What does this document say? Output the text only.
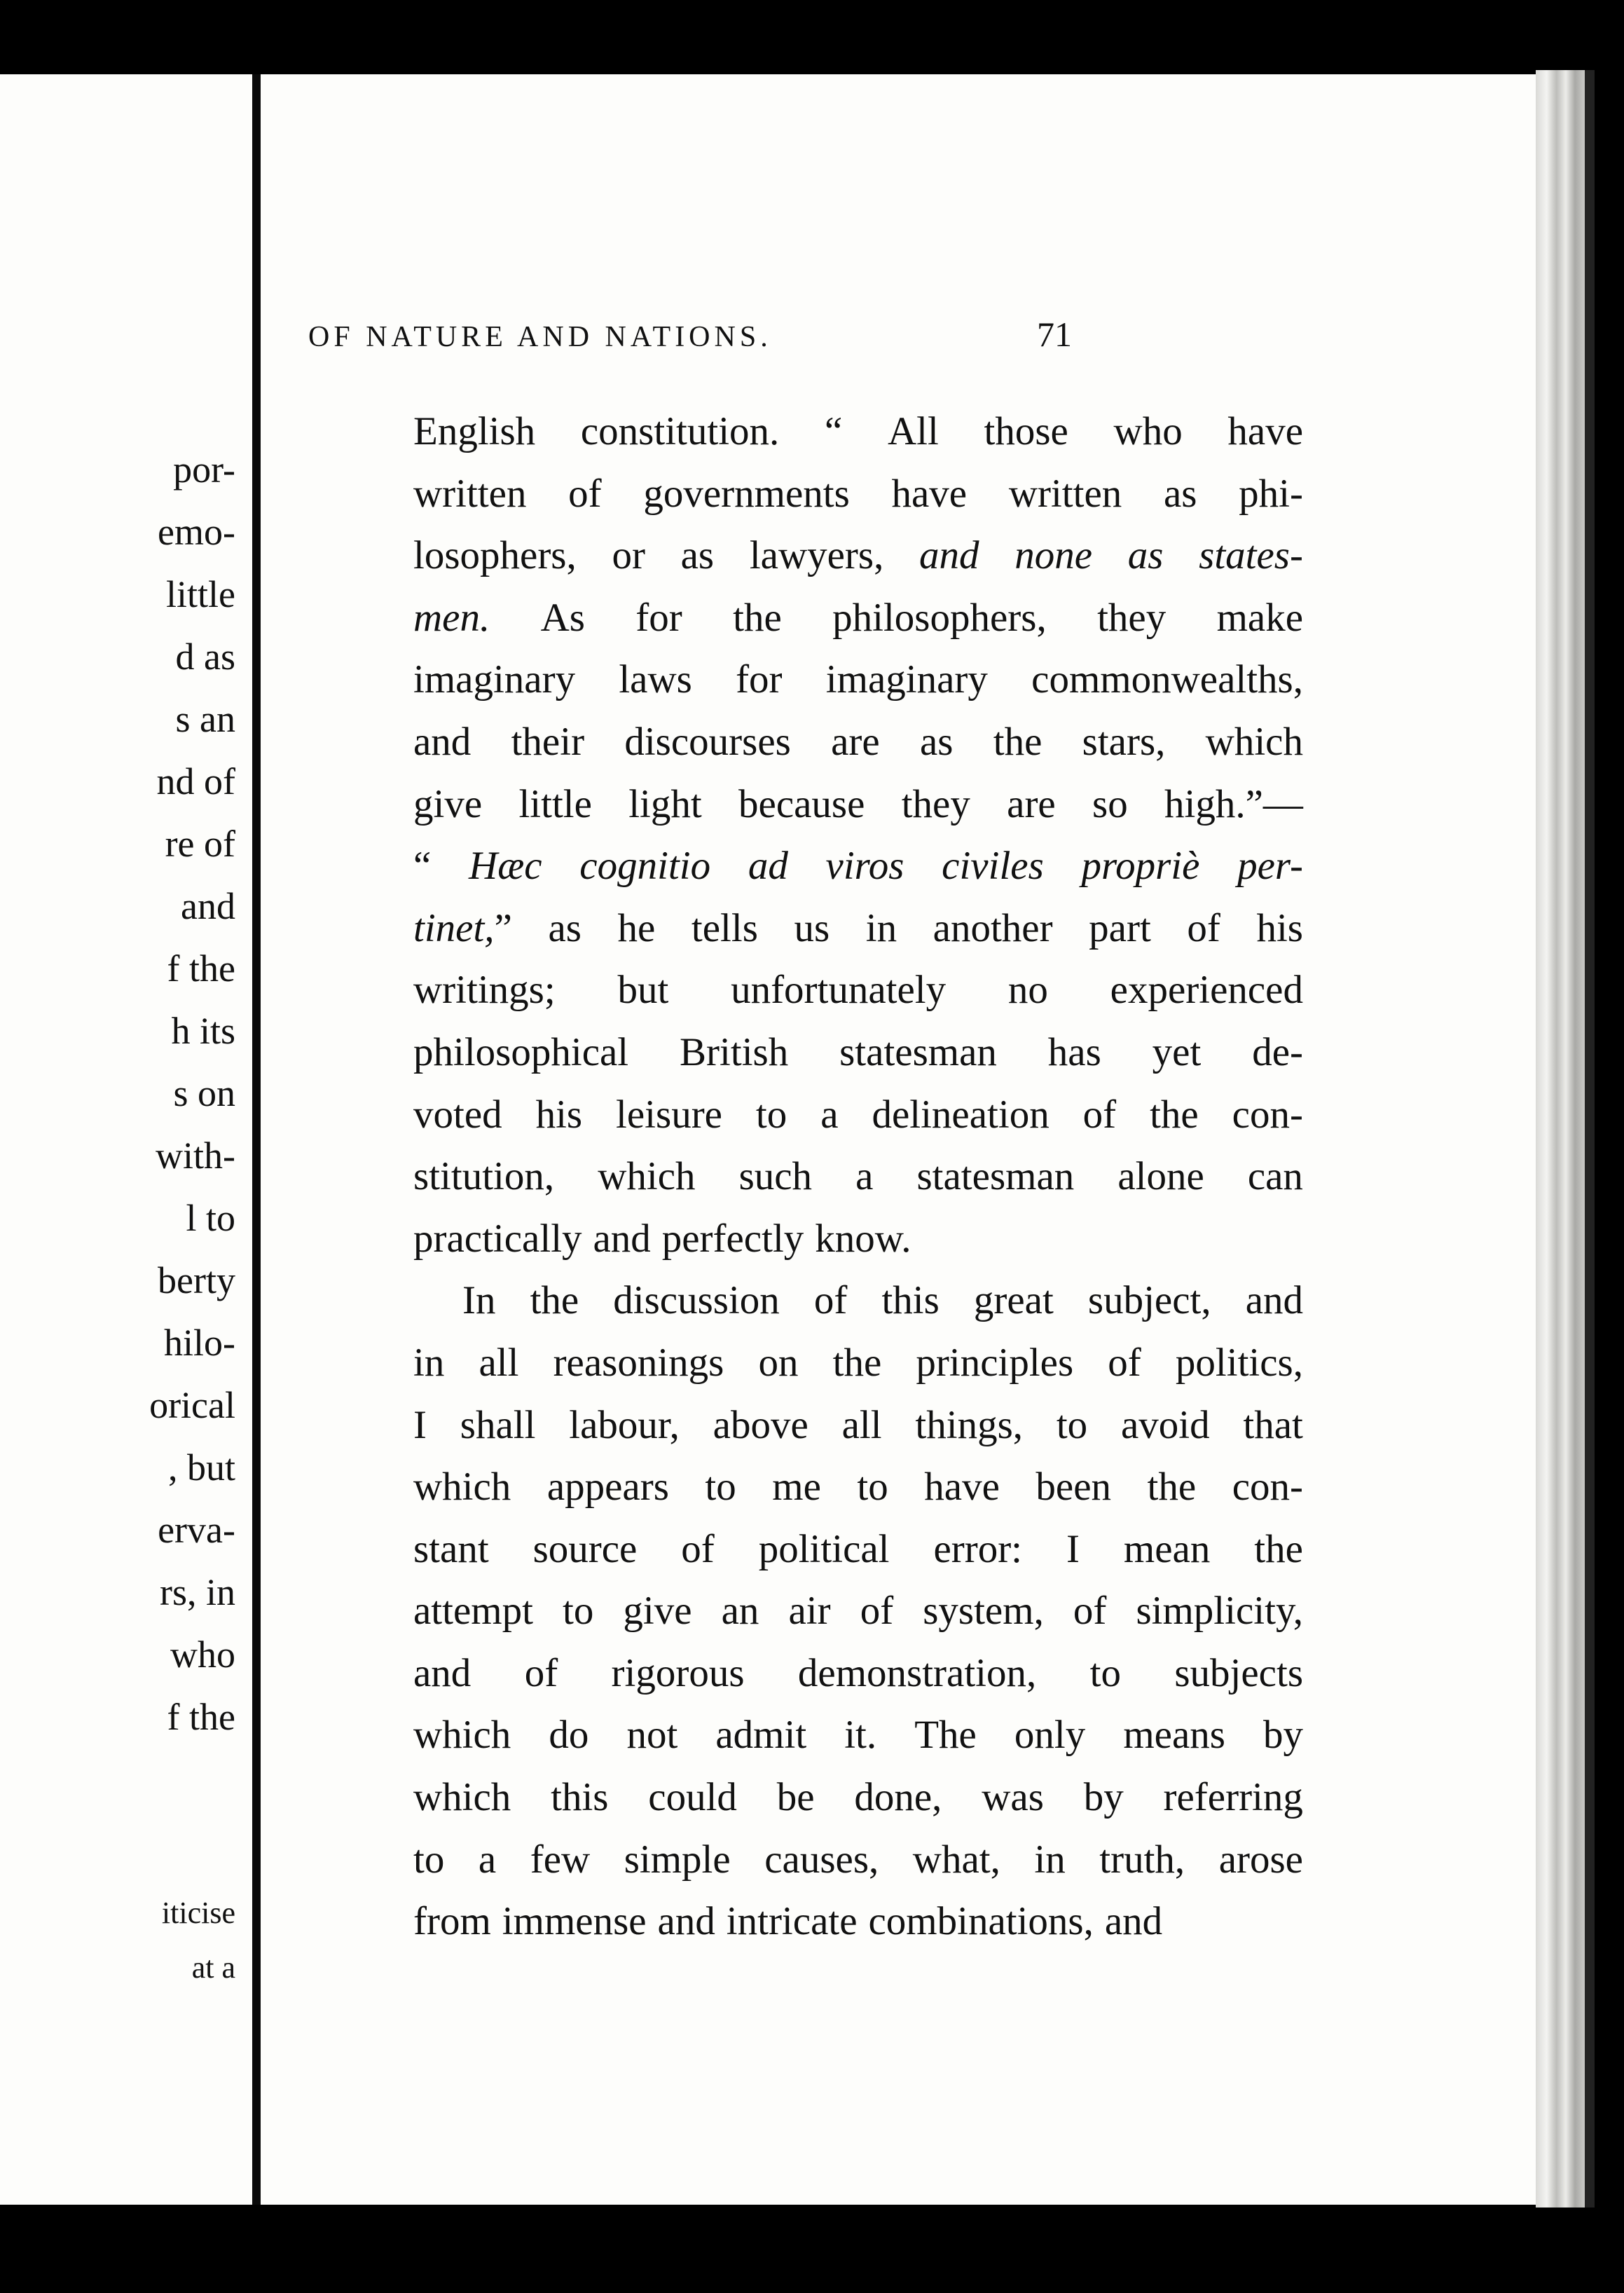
por-
emo-
little
d as
s an
nd of
re of
and
f the
h its
s on
with-
l to
berty
hilo-
orical
, but
erva-
rs, in
who
f the
iticise
at a
OF NATURE AND NATIONS.	71
English constitution. “ All those who have
written of governments have written as phi-
losophers, or as lawyers, and none as states-
men. As for the philosophers, they make
imaginary laws for imaginary commonwealths,
and their discourses are as the stars, which
give little light because they are so high.”—
“ Hæc cognitio ad viros civiles propriè per-
tinet,” as he tells us in another part of his
writings; but unfortunately no experienced
philosophical British statesman has yet de-
voted his leisure to a delineation of the con-
stitution, which such a statesman alone can
practically and perfectly know.
In the discussion of this great subject, and
in all reasonings on the principles of politics,
I shall labour, above all things, to avoid that
which appears to me to have been the con-
stant source of political error: I mean the
attempt to give an air of system, of simplicity,
and of rigorous demonstration, to subjects
which do not admit it. The only means by
which this could be done, was by referring
to a few simple causes, what, in truth, arose
from immense and intricate combinations, and
